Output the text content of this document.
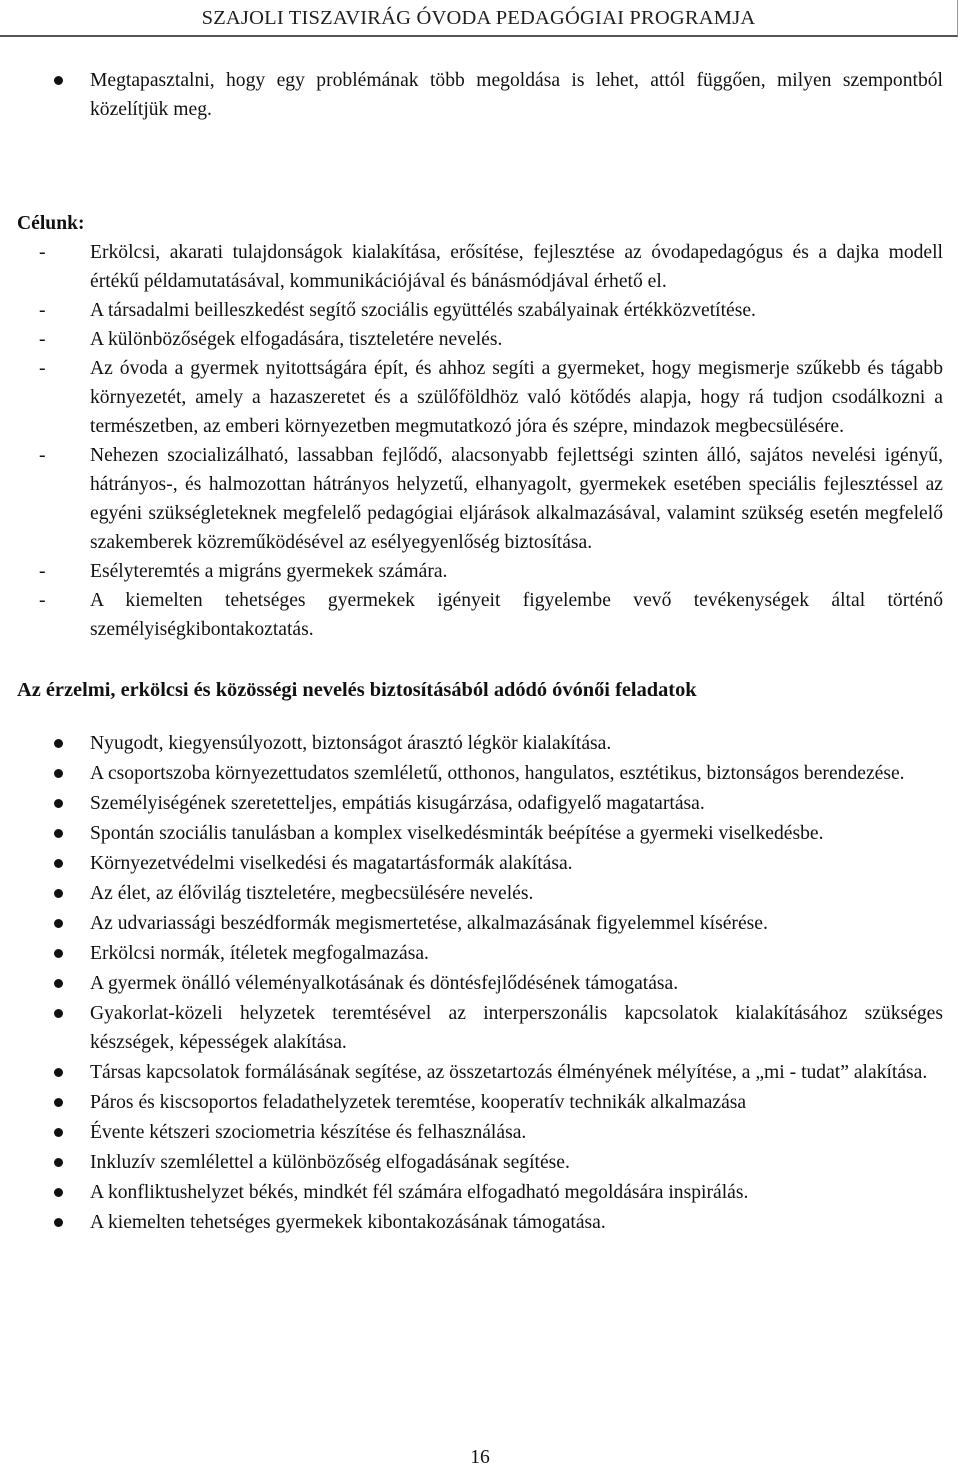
SZAJOLI TISZAVIRÁG ÓVODA PEDAGÓGIAI PROGRAMJA
Megtapasztalni, hogy egy problémának több megoldása is lehet, attól függően, milyen szempontból közelítjük meg.

Célunk:

- Erkölcsi, akarati tulajdonságok kialakítása, erősítése, fejlesztése az óvodapedagógus és a dajka modell értékű példamutatásával, kommunikációjával és bánásmódjával érhető el.
- A társadalmi beilleszkedést segítő szociális együttélés szabályainak értékközvetítése.
- A különbözőségek elfogadására, tiszteletére nevelés.
- Az óvoda a gyermek nyitottságára épít, és ahhoz segíti a gyermeket, hogy megismerje szűkebb és tágabb környezetét, amely a hazaszeretet és a szülőföldhöz való kötődés alapja, hogy rá tudjon csodálkozni a természetben, az emberi környezetben megmutatkozó jóra és szépre, mindazok megbecsülésére.
- Nehezen szocializálható, lassabban fejlődő, alacsonyabb fejlettségi szinten álló, sajátos nevelési igényű, hátrányos-, és halmozottan hátrányos helyzetű, elhanyagolt, gyermekek esetében speciális fejlesztéssel az egyéni szükségleteknek megfelelő pedagógiai eljárások alkalmazásával, valamint szükség esetén megfelelő szakemberek közreműködésével az esélyegyenlőség biztosítása.
- Esélyteremtés a migráns gyermekek számára.
- A kiemelten tehetséges gyermekek igényeit figyelembe vevő tevékenységek által történő személyiségkibontakoztatás.

Az érzelmi, erkölcsi és közösségi nevelés biztosításából adódó óvónői feladatok

Nyugodt, kiegyensúlyozott, biztonságot árasztó légkör kialakítása.
A csoportszoba környezettudatos szemléletű, otthonos, hangulatos, esztétikus, biztonságos berendezése.
Személyiségének szeretetteljes, empátiás kisugárzása, odafigyelő magatartása.
Spontán szociális tanulásban a komplex viselkedésminták beépítése a gyermeki viselkedésbe.
Környezetvédelmi viselkedési és magatartásformák alakítása.
Az élet, az élővilág tiszteletére, megbecsülésére nevelés.
Az udvariassági beszédformák megismertetése, alkalmazásának figyelemmel kísérése.
Erkölcsi normák, ítéletek megfogalmazása.
A gyermek önálló véleményalkotásának és döntésfejlődésének támogatása.
Gyakorlat-közeli helyzetek teremtésével az interperszonális kapcsolatok kialakításához szükséges készségek, képességek alakítása.
Társas kapcsolatok formálásának segítése, az összetartozás élményének mélyítése, a „mi - tudat” alakítása.
Páros és kiscsoportos feladathelyzetek teremtése, kooperatív technikák alkalmazása
Évente kétszeri szociometria készítése és felhasználása.
Inkluzív szemlélettel a különbözőség elfogadásának segítése.
A konfliktushelyzet békés, mindkét fél számára elfogadható megoldására inspirálás.
A kiemelten tehetséges gyermekek kibontakozásának támogatása.
16
